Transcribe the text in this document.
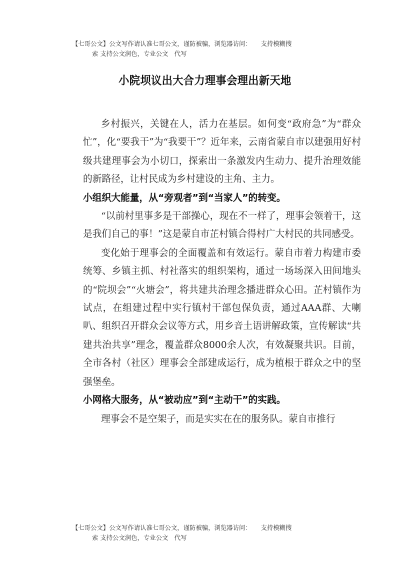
【七哥公文】公文写作请认准七哥公文，谨防被骗，浏览器访问：　　支持模糊搜
索 支持公文润色，专业公文　代写
小院坝议出大合力理事会理出新天地

乡村振兴，关键在人，活力在基层。如何变“政府急”为“群众忙”，化“要我干”为“我要干”？近年来，云南省蒙自市以建强用好村级共建理事会为小切口，探索出一条激发内生动力、提升治理效能的新路径，让村民成为乡村建设的主角、主力。

小组织大能量，从“旁观者”到“当家人”的转变。

“以前村里事多是干部操心，现在不一样了，理事会领着干，这是我们自己的事！”这是蒙自市芷村镇合得村广大村民的共同感受。

变化始于理事会的全面覆盖和有效运行。蒙自市着力构建市委统筹、乡镇主抓、村社落实的组织架构，通过一场场深入田间地头的“院坝会”“火塘会”，将共建共治理念播进群众心田。芷村镇作为试点，在组建过程中实行镇村干部包保负责，通过AAA群、大喇叭、组织召开群众会议等方式，用乡音土语讲解政策，宣传解读“共建共治共享”理念，覆盖群众8000余人次，有效凝聚共识。目前，全市各村（社区）理事会全部建成运行，成为植根于群众之中的坚强堡垒。

小网格大服务，从“被动应”到“主动干”的实践。

理事会不是空架子，而是实实在在的服务队。蒙自市推行

【七哥公文】公文写作请认准七哥公文，谨防被骗，浏览器访问：　　支持模糊搜
索 支持公文润色，专业公文　代写
